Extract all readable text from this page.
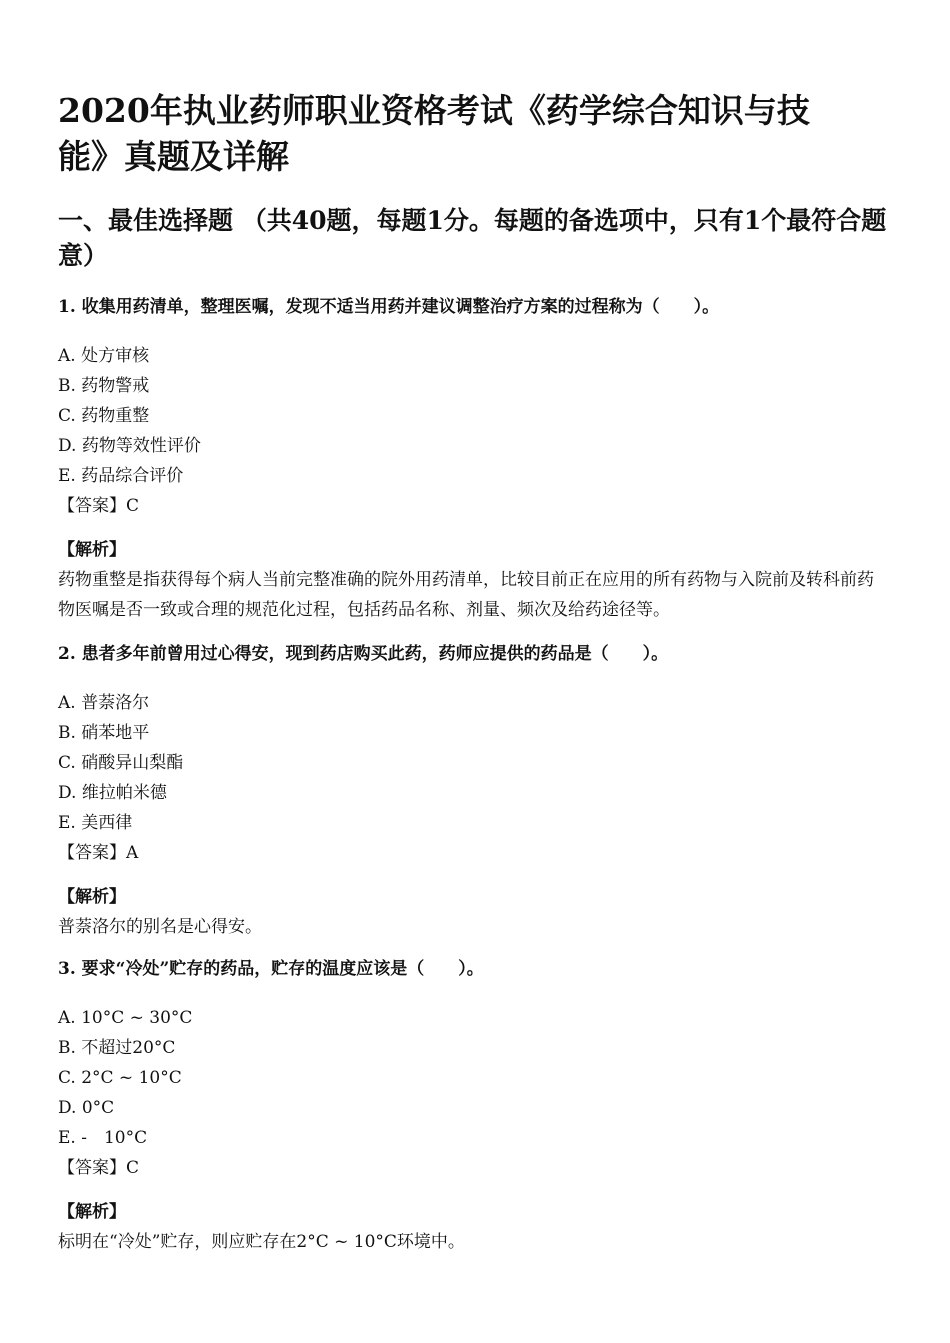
2020年执业药师职业资格考试《药学综合知识与技能》真题及详解
一、最佳选择题 （共40题，每题1分。每题的备选项中，只有1个最符合题意）

1. 收集用药清单，整理医嘱，发现不适当用药并建议调整治疗方案的过程称为（　　）。

A. 处方审核
B. 药物警戒
C. 药物重整
D. 药物等效性评价
E. 药品综合评价
【答案】C
【解析】

药物重整是指获得每个病人当前完整准确的院外用药清单，比较目前正在应用的所有药物与入院前及转科前药物医嘱是否一致或合理的规范化过程，包括药品名称、剂量、频次及给药途径等。

2. 患者多年前曾用过心得安，现到药店购买此药，药师应提供的药品是（　　）。

A. 普萘洛尔
B. 硝苯地平
C. 硝酸异山梨酯
D. 维拉帕米德
E. 美西律
【答案】A
【解析】

普萘洛尔的别名是心得安。

3. 要求“冷处”贮存的药品，贮存的温度应该是（　　）。

A. 10°C ~ 30°C
B. 不超过20°C
C. 2°C ~ 10°C
D. 0°C
E. -　10°C
【答案】C
【解析】

标明在“冷处”贮存，则应贮存在2°C ~ 10°C环境中。
